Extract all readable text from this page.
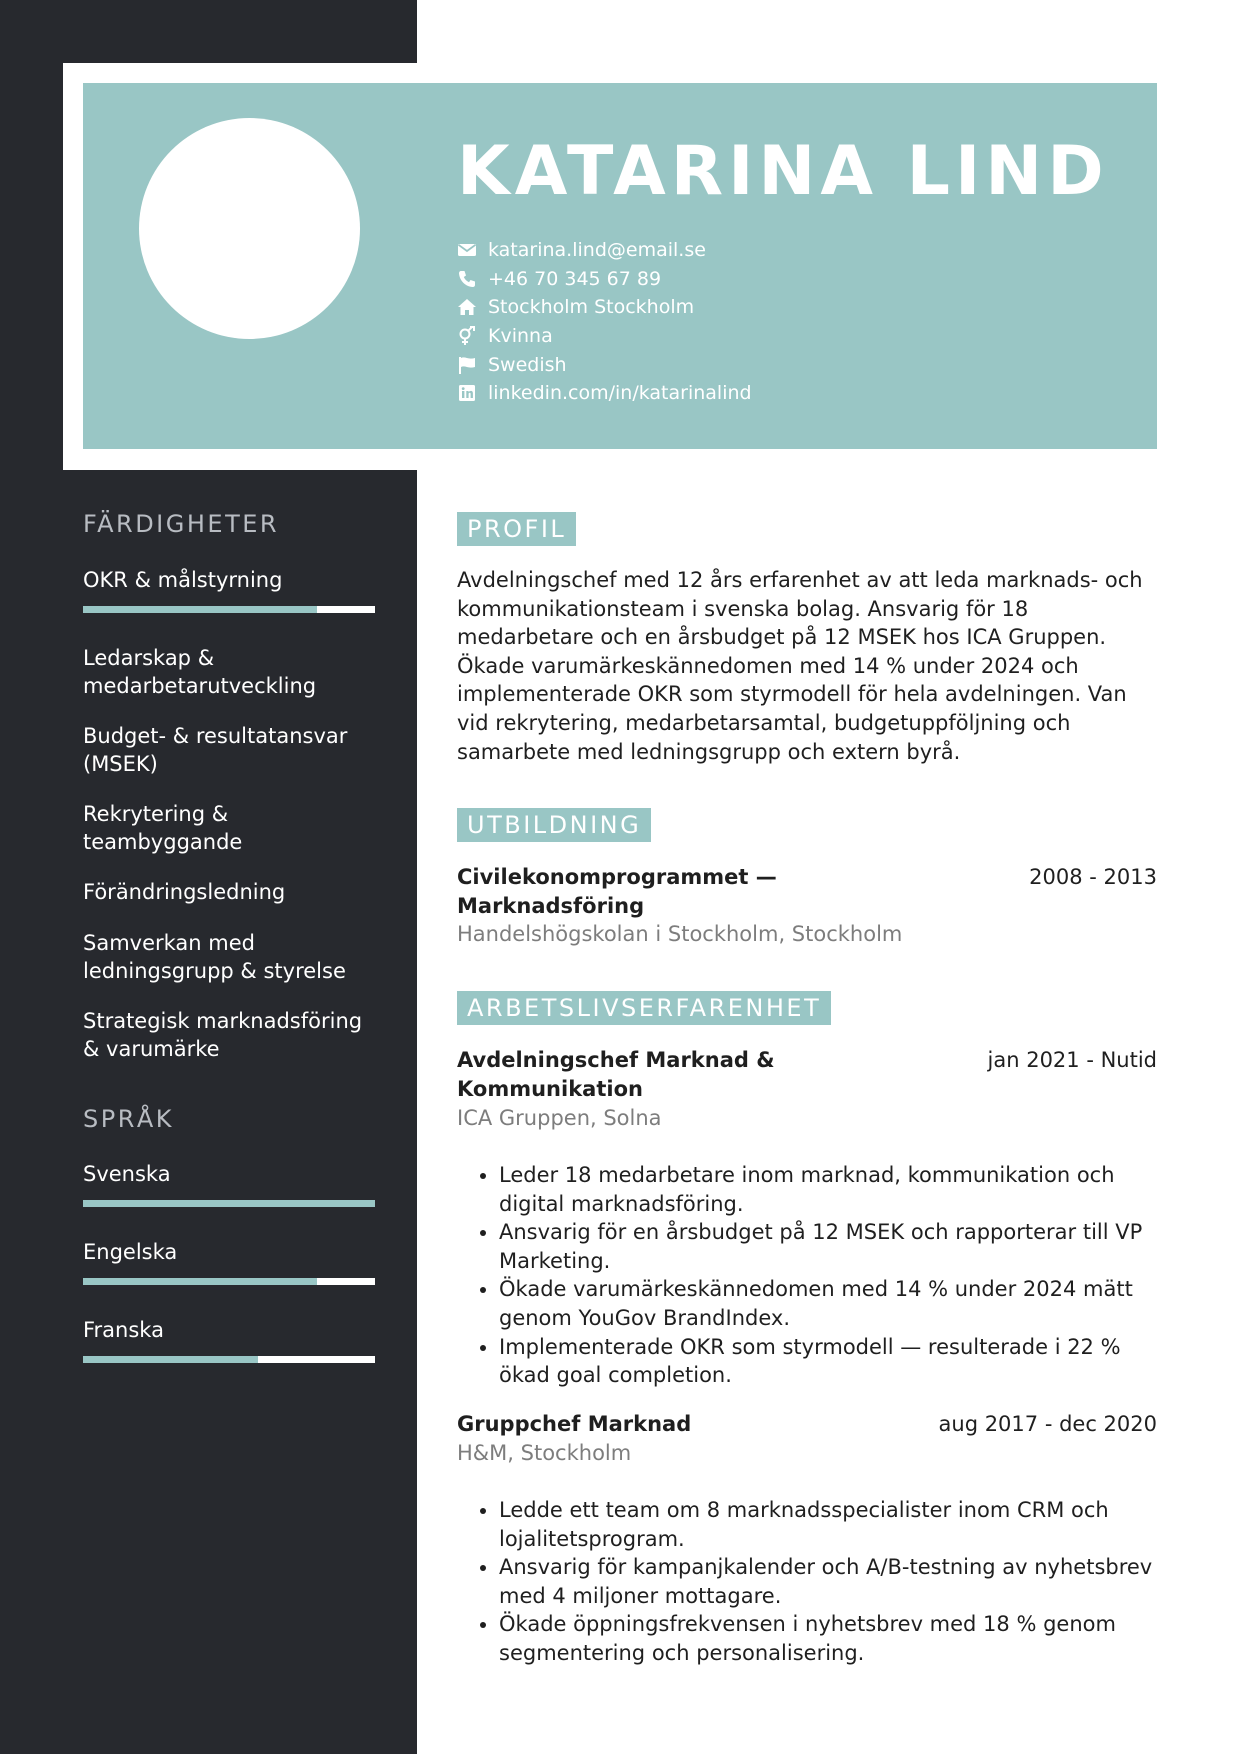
KATARINA LIND
katarina.lind@email.se
+46 70 345 67 89
Stockholm Stockholm
Kvinna
Swedish
linkedin.com/in/katarinalind
FÄRDIGHETER
OKR & målstyrning
Ledarskap & medarbetarutveckling
Budget- & resultatansvar (MSEK)
Rekrytering & teambyggande
Förändringsledning
Samverkan med ledningsgrupp & styrelse
Strategisk marknadsföring & varumärke
SPRÅK
Svenska
Engelska
Franska
PROFIL

Avdelningschef med 12 års erfarenhet av att leda marknads- och kommunikationsteam i svenska bolag. Ansvarig för 18 medarbetare och en årsbudget på 12 MSEK hos ICA Gruppen. Ökade varumärkeskännedomen med 14 % under 2024 och implementerade OKR som styrmodell för hela avdelningen. Van vid rekrytering, medarbetarsamtal, budgetuppföljning och samarbete med ledningsgrupp och extern byrå.

UTBILDNING
Civilekonomprogrammet — Marknadsföring
2008 - 2013
Handelshögskolan i Stockholm, Stockholm
ARBETSLIVSERFARENHET
Avdelningschef Marknad & Kommunikation
jan 2021 - Nutid
ICA Gruppen, Solna
• Leder 18 medarbetare inom marknad, kommunikation och digital marknadsföring.
• Ansvarig för en årsbudget på 12 MSEK och rapporterar till VP Marketing.
• Ökade varumärkeskännedomen med 14 % under 2024 mätt genom YouGov BrandIndex.
• Implementerade OKR som styrmodell — resulterade i 22 % ökad goal completion.
Gruppchef Marknad	aug 2017 - dec 2020
H&M, Stockholm
• Ledde ett team om 8 marknadsspecialister inom CRM och lojalitetsprogram.
• Ansvarig för kampanjkalender och A/B-testning av nyhetsbrev med 4 miljoner mottagare.
• Ökade öppningsfrekvensen i nyhetsbrev med 18 % genom segmentering och personalisering.
